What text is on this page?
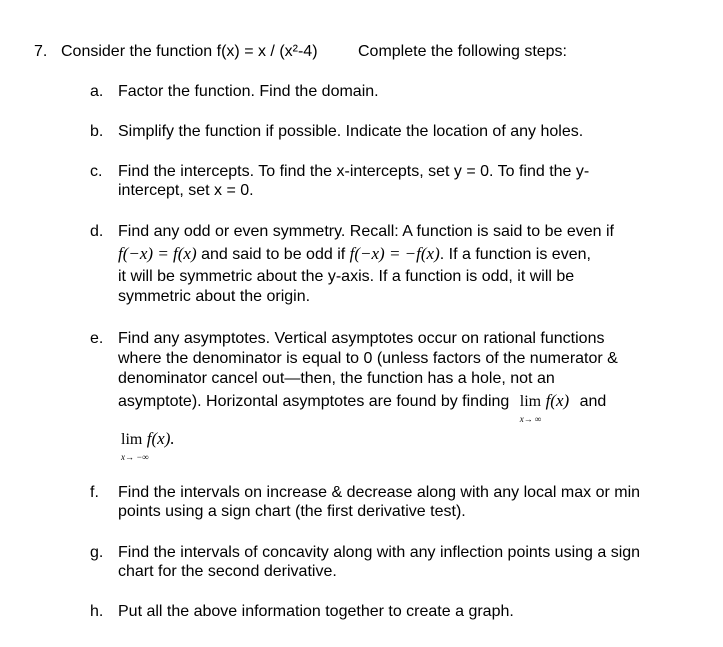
7. Consider the function f(x) = x / (x²-4)	Complete the following steps:
a. Factor the function. Find the domain.
b. Simplify the function if possible. Indicate the location of any holes.
c. Find the intercepts. To find the x-intercepts, set y = 0. To find the y-
intercept, set x = 0.
d. Find any odd or even symmetry. Recall: A function is said to be even if
f(−x) = f(x) and said to be odd if f(−x) = −f(x). If a function is even,
it will be symmetric about the y-axis. If a function is odd, it will be
symmetric about the origin.
e. Find any asymptotes. Vertical asymptotes occur on rational functions
where the denominator is equal to 0 (unless factors of the numerator &
denominator cancel out—then, the function has a hole, not an
asymptote). Horizontal asymptotes are found by finding lim
x→ ∞
f(x) and
lim
x→ −∞
f(x).
f. Find the intervals on increase & decrease along with any local max or min
points using a sign chart (the first derivative test).
g. Find the intervals of concavity along with any inflection points using a sign
chart for the second derivative.
h. Put all the above information together to create a graph.
